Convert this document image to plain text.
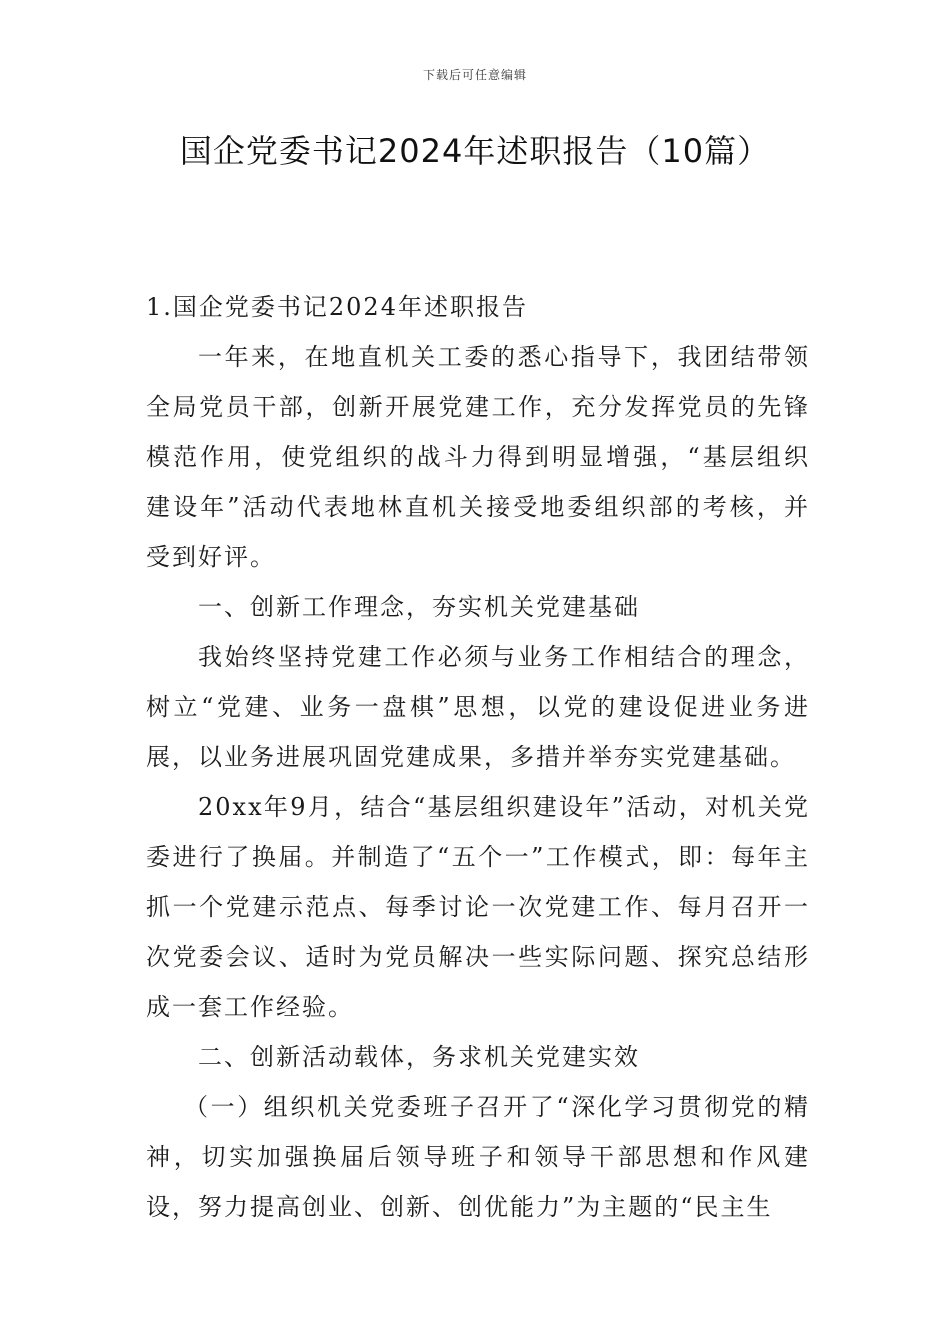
下载后可任意编辑
国企党委书记2024年述职报告（10篇）

1.国企党委书记2024年述职报告

一年来，在地直机关工委的悉心指导下，我团结带领全局党员干部，创新开展党建工作，充分发挥党员的先锋模范作用，使党组织的战斗力得到明显增强，“基层组织建设年”活动代表地林直机关接受地委组织部的考核，并受到好评。

一、创新工作理念，夯实机关党建基础

我始终坚持党建工作必须与业务工作相结合的理念，树立“党建、业务一盘棋”思想，以党的建设促进业务进展，以业务进展巩固党建成果，多措并举夯实党建基础。

20xx年9月，结合“基层组织建设年”活动，对机关党委进行了换届。并制造了“五个一”工作模式，即：每年主抓一个党建示范点、每季讨论一次党建工作、每月召开一次党委会议、适时为党员解决一些实际问题、探究总结形成一套工作经验。

二、创新活动载体，务求机关党建实效

（一）组织机关党委班子召开了“深化学习贯彻党的精神，切实加强换届后领导班子和领导干部思想和作风建设，努力提高创业、创新、创优能力”为主题的“民主生
